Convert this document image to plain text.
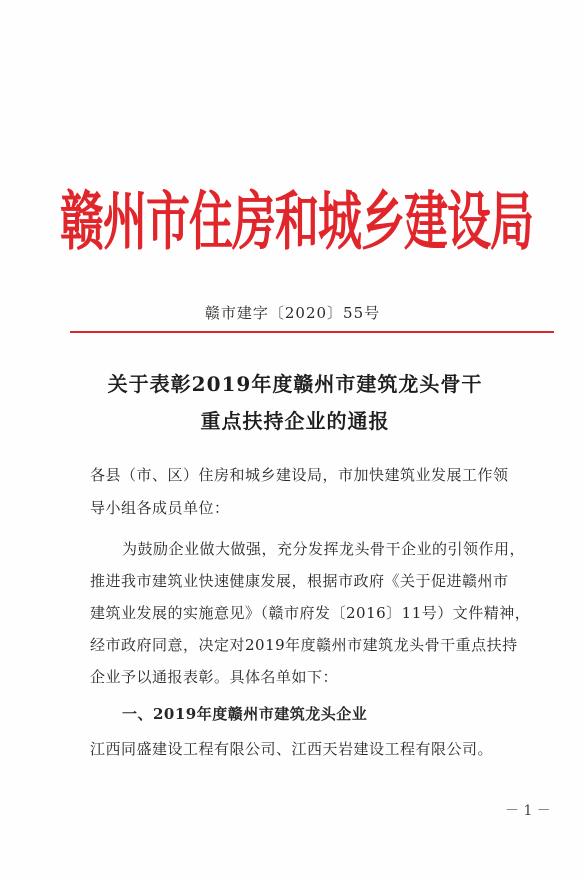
赣州市住房和城乡建设局
赣市建字〔2020〕55号
关于表彰2019年度赣州市建筑龙头骨干
重点扶持企业的通报
各县（市、区）住房和城乡建设局，市加快建筑业发展工作领
导小组各成员单位：
为鼓励企业做大做强，充分发挥龙头骨干企业的引领作用，
推进我市建筑业快速健康发展，根据市政府《关于促进赣州市
建筑业发展的实施意见》（赣市府发〔2016〕11号）文件精神，
经市政府同意，决定对2019年度赣州市建筑龙头骨干重点扶持
企业予以通报表彰。具体名单如下：
一、2019年度赣州市建筑龙头企业
江西同盛建设工程有限公司、江西天岩建设工程有限公司。
－ 1 －
